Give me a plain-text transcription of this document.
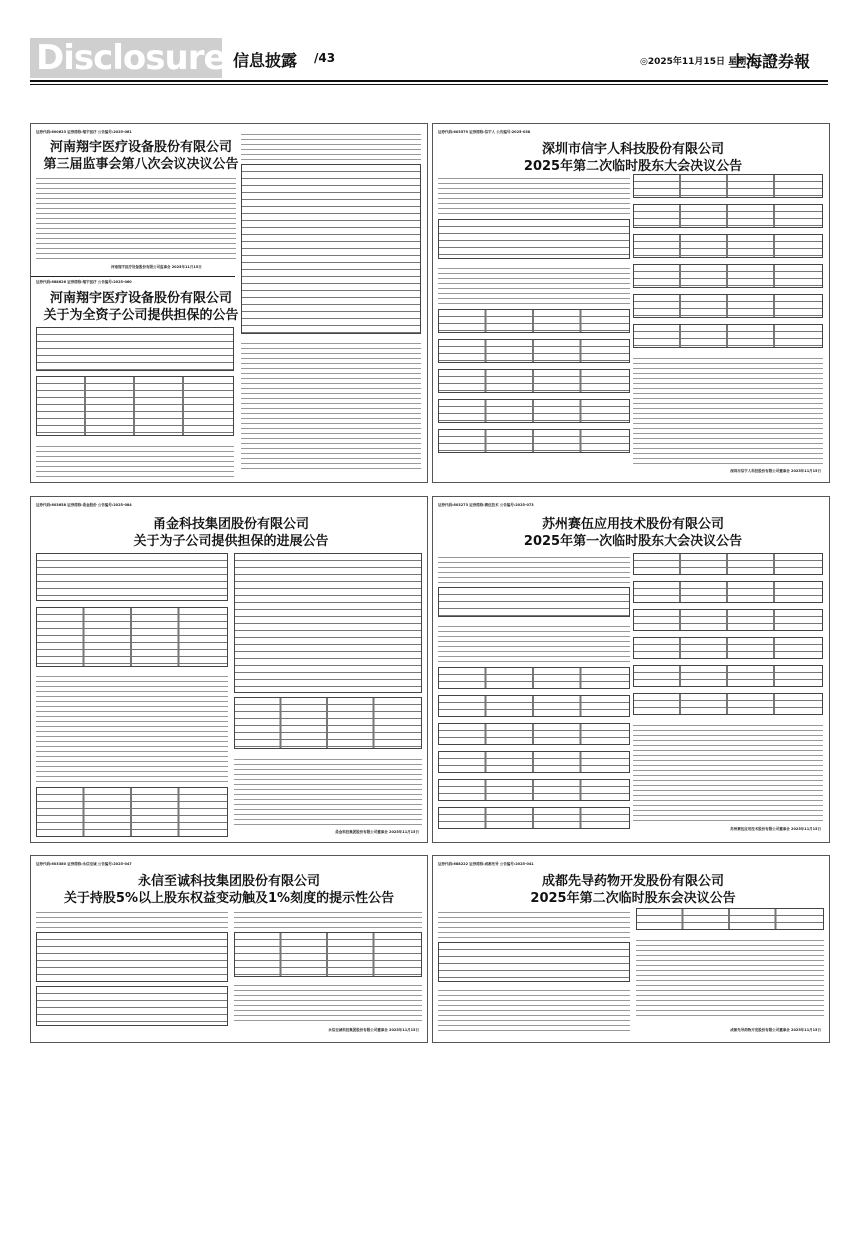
Disclosure 信息披露 /43	◎2025年11月15日 星期六
上海證券報
证券代码:600623 证券简称:翔宇医疗 公告编号:2025-061
河南翔宇医疗设备股份有限公司
第三届监事会第八次会议决议公告
河南翔宇医疗设备股份有限公司监事会 2025年11月15日
证券代码:688626 证券简称:翔宇医疗 公告编号:2025-060
河南翔宇医疗设备股份有限公司
关于为全资子公司提供担保的公告
证券代码:603579 证券简称:信宇人 公告编号:2025-038
深圳市信宇人科技股份有限公司
2025年第二次临时股东大会决议公告
深圳市信宇人科技股份有限公司董事会 2025年11月15日
证券代码:603658 证券简称:甬金股份 公告编号:2025-084
甬金科技集团股份有限公司
关于为子公司提供担保的进展公告
甬金科技集团股份有限公司董事会 2025年11月15日
证券代码:603273 证券简称:赛伍技术 公告编号:2025-073
苏州赛伍应用技术股份有限公司
2025年第一次临时股东大会决议公告
苏州赛伍应用技术股份有限公司董事会 2025年11月15日
证券代码:603380 证券简称:永信至诚 公告编号:2025-047
永信至诚科技集团股份有限公司
关于持股5%以上股东权益变动触及1%刻度的提示性公告
永信至诚科技集团股份有限公司董事会 2025年11月15日
证券代码:688222 证券简称:成都先导 公告编号:2025-041
成都先导药物开发股份有限公司
2025年第二次临时股东会决议公告
成都先导药物开发股份有限公司董事会 2025年11月15日
